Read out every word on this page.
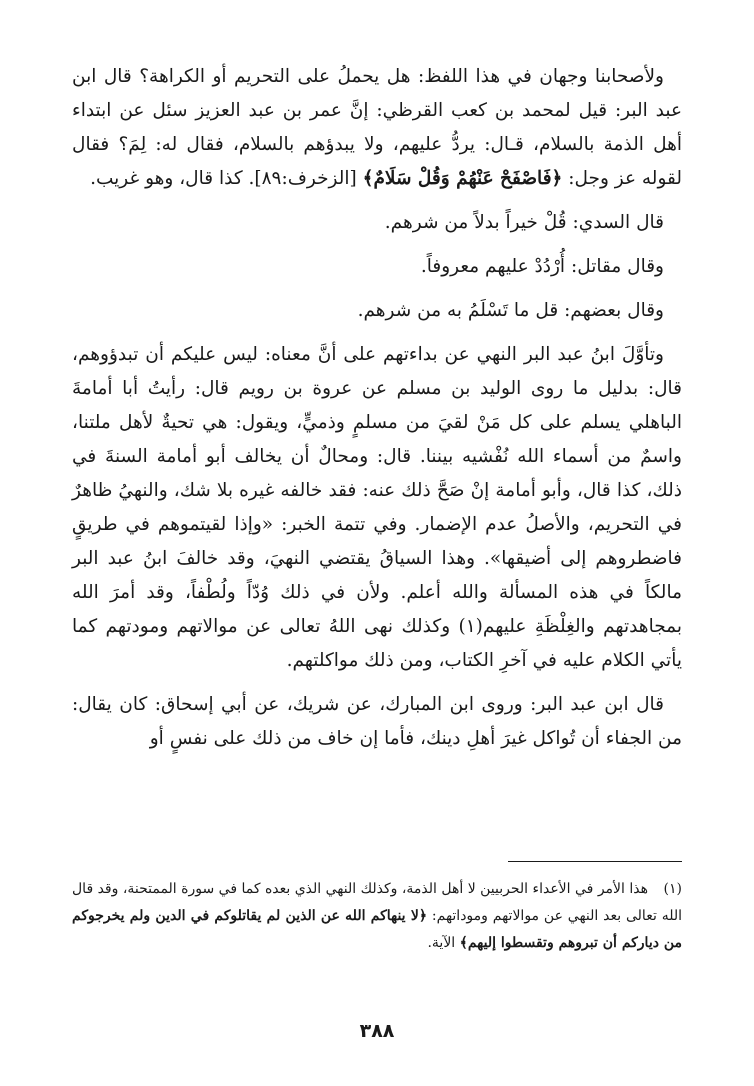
ولأصحابنا وجهان في هذا اللفظ: هل يحملُ على التحريم أو الكراهة؟ قال ابن عبد البر: قيل لمحمد بن كعب القرظي: إنَّ عمر بن عبد العزيز سئل عن ابتداء أهل الذمة بالسلام، قـال: يردُّ عليهم، ولا يبدؤهم بالسلام، فقال له: لِمَ؟ فقال لقوله عز وجل: ﴿فَاصْفَحْ عَنْهُمْ وَقُلْ سَلَامٌ﴾ [الزخرف:٨٩]. كذا قال، وهو غريب.

قال السدي: قُلْ خيراً بدلاً من شرهم.

وقال مقاتل: أُرْدُدْ عليهم معروفاً.

وقال بعضهم: قل ما تَسْلَمُ به من شرهم.

وتأوَّلَ ابنُ عبد البر النهي عن بداءتهم على أنَّ معناه: ليس عليكم أن تبدؤوهم، قال: بدليل ما روى الوليد بن مسلم عن عروة بن رويم قال: رأيتُ أبا أمامةَ الباهلي يسلم على كل مَنْ لقيَ من مسلمٍ وذميٍّ، ويقول: هي تحيةٌ لأهل ملتنا، واسمٌ من أسماء الله نُفْشيه بيننا. قال: ومحالٌ أن يخالف أبو أمامة السنةَ في ذلك، كذا قال، وأبو أمامة إنْ صَحَّ ذلك عنه: فقد خالفه غيره بلا شك، والنهيُ ظاهرٌ في التحريم، والأصلُ عدم الإضمار. وفي تتمة الخبر: «وإذا لقيتموهم في طريقٍ فاضطروهم إلى أضيقها». وهذا السياقُ يقتضي النهيَ، وقد خالفَ ابنُ عبد البر مالكاً في هذه المسألة والله أعلم. ولأن في ذلك وُدّاً ولُطْفاً، وقد أمرَ الله بمجاهدتهم والغِلْظَةِ عليهم(١) وكذلك نهى اللهُ تعالى عن موالاتهم ومودتهم كما يأتي الكلام عليه في آخرِ الكتاب، ومن ذلك مواكلتهم.

قال ابن عبد البر: وروى ابن المبارك، عن شريك، عن أبي إسحاق: كان يقال: من الجفاء أن تُواكل غيرَ أهلِ دينك، فأما إن خاف من ذلك على نفسٍ أو

(١)هذا الأمر في الأعداء الحربيين لا أهل الذمة، وكذلك النهي الذي بعده كما في سورة الممتحنة، وقد قال الله تعالى بعد النهي عن موالاتهم وموداتهم: ﴿لا ينهاكم الله عن الذين لم يقاتلوكم في الدين ولم يخرجوكم من دياركم أن تبروهم وتقسطوا إليهم﴾ الآية.
٣٨٨
